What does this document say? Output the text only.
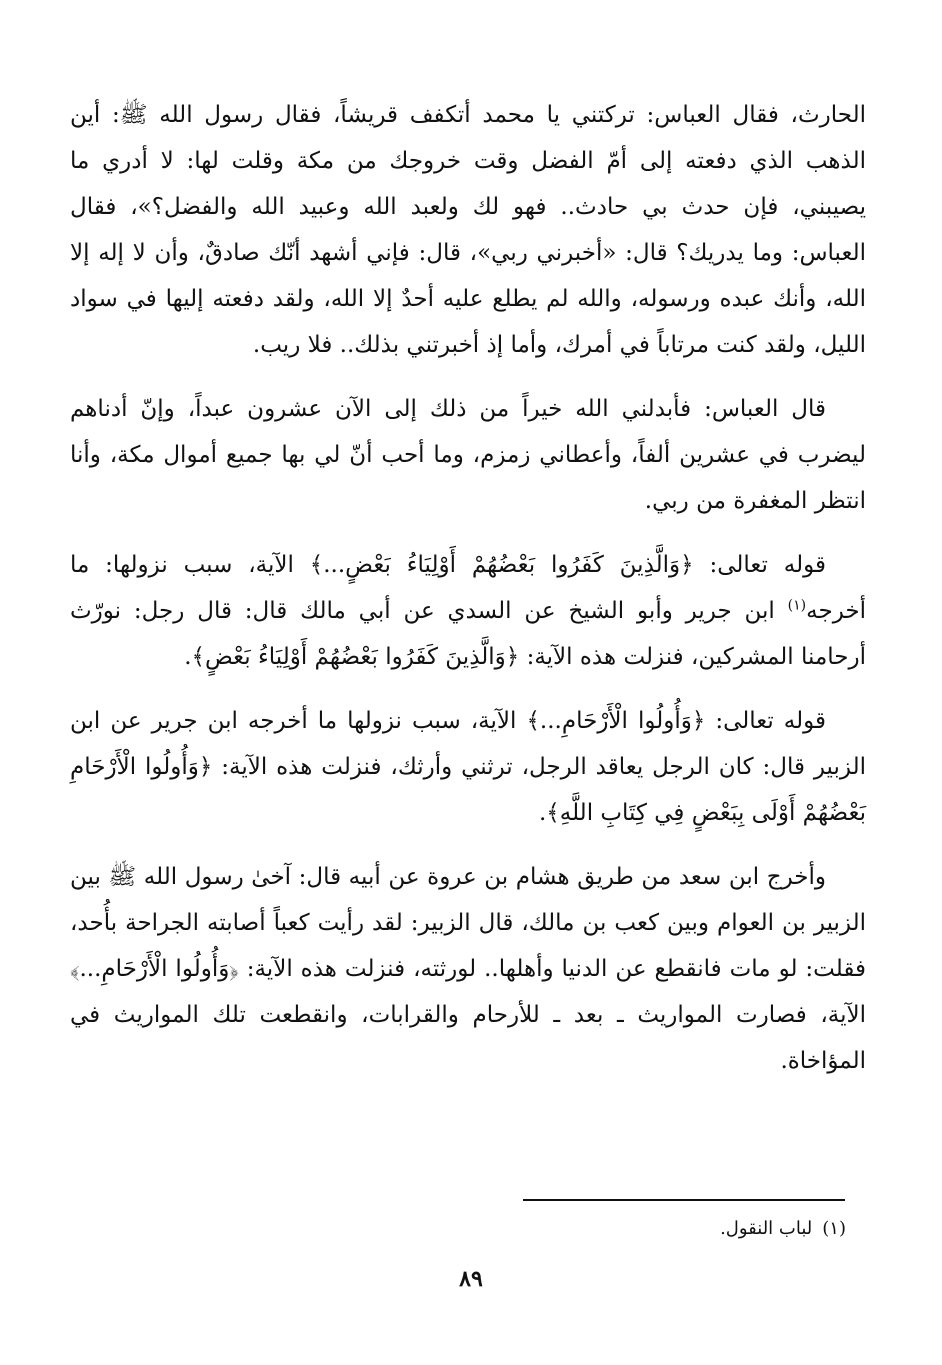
الحارث، فقال العباس: تركتني يا محمد أتكفف قريشاً، فقال رسول الله ﷺ: أين الذهب الذي دفعته إلى أمّ الفضل وقت خروجك من مكة وقلت لها: لا أدري ما يصيبني، فإن حدث بي حادث.. فهو لك ولعبد الله وعبيد الله والفضل؟»، فقال العباس: وما يدريك؟ قال: «أخبرني ربي»، قال: فإني أشهد أنّك صادقٌ، وأن لا إله إلا الله، وأنك عبده ورسوله، والله لم يطلع عليه أحدٌ إلا الله، ولقد دفعته إليها في سواد الليل، ولقد كنت مرتاباً في أمرك، وأما إذ أخبرتني بذلك.. فلا ريب.

قال العباس: فأبدلني الله خيراً من ذلك إلى الآن عشرون عبداً، وإنّ أدناهم ليضرب في عشرين ألفاً، وأعطاني زمزم، وما أحب أنّ لي بها جميع أموال مكة، وأنا انتظر المغفرة من ربي.

قوله تعالى: ﴿وَالَّذِينَ كَفَرُوا بَعْضُهُمْ أَوْلِيَاءُ بَعْضٍ...﴾ الآية، سبب نزولها: ما أخرجه$^{(١)}$ ابن جرير وأبو الشيخ عن السدي عن أبي مالك قال: قال رجل: نورّث أرحامنا المشركين، فنزلت هذه الآية: ﴿وَالَّذِينَ كَفَرُوا بَعْضُهُمْ أَوْلِيَاءُ بَعْضٍ﴾.

قوله تعالى: ﴿وَأُولُوا الْأَرْحَامِ...﴾ الآية، سبب نزولها ما أخرجه ابن جرير عن ابن الزبير قال: كان الرجل يعاقد الرجل، ترثني وأرثك، فنزلت هذه الآية: ﴿وَأُولُوا الْأَرْحَامِ بَعْضُهُمْ أَوْلَى بِبَعْضٍ فِي كِتَابِ اللَّهِ﴾.

وأخرج ابن سعد من طريق هشام بن عروة عن أبيه قال: آخىٰ رسول الله ﷺ بين الزبير بن العوام وبين كعب بن مالك، قال الزبير: لقد رأيت كعباً أصابته الجراحة بأُحد، فقلت: لو مات فانقطع عن الدنيا وأهلها.. لورثته، فنزلت هذه الآية: ﴿وَأُولُوا الْأَرْحَامِ...﴾ الآية، فصارت المواريث ـ بعد ـ للأرحام والقرابات، وانقطعت تلك المواريث في المؤاخاة.

(١)لباب النقول.
٨٩
